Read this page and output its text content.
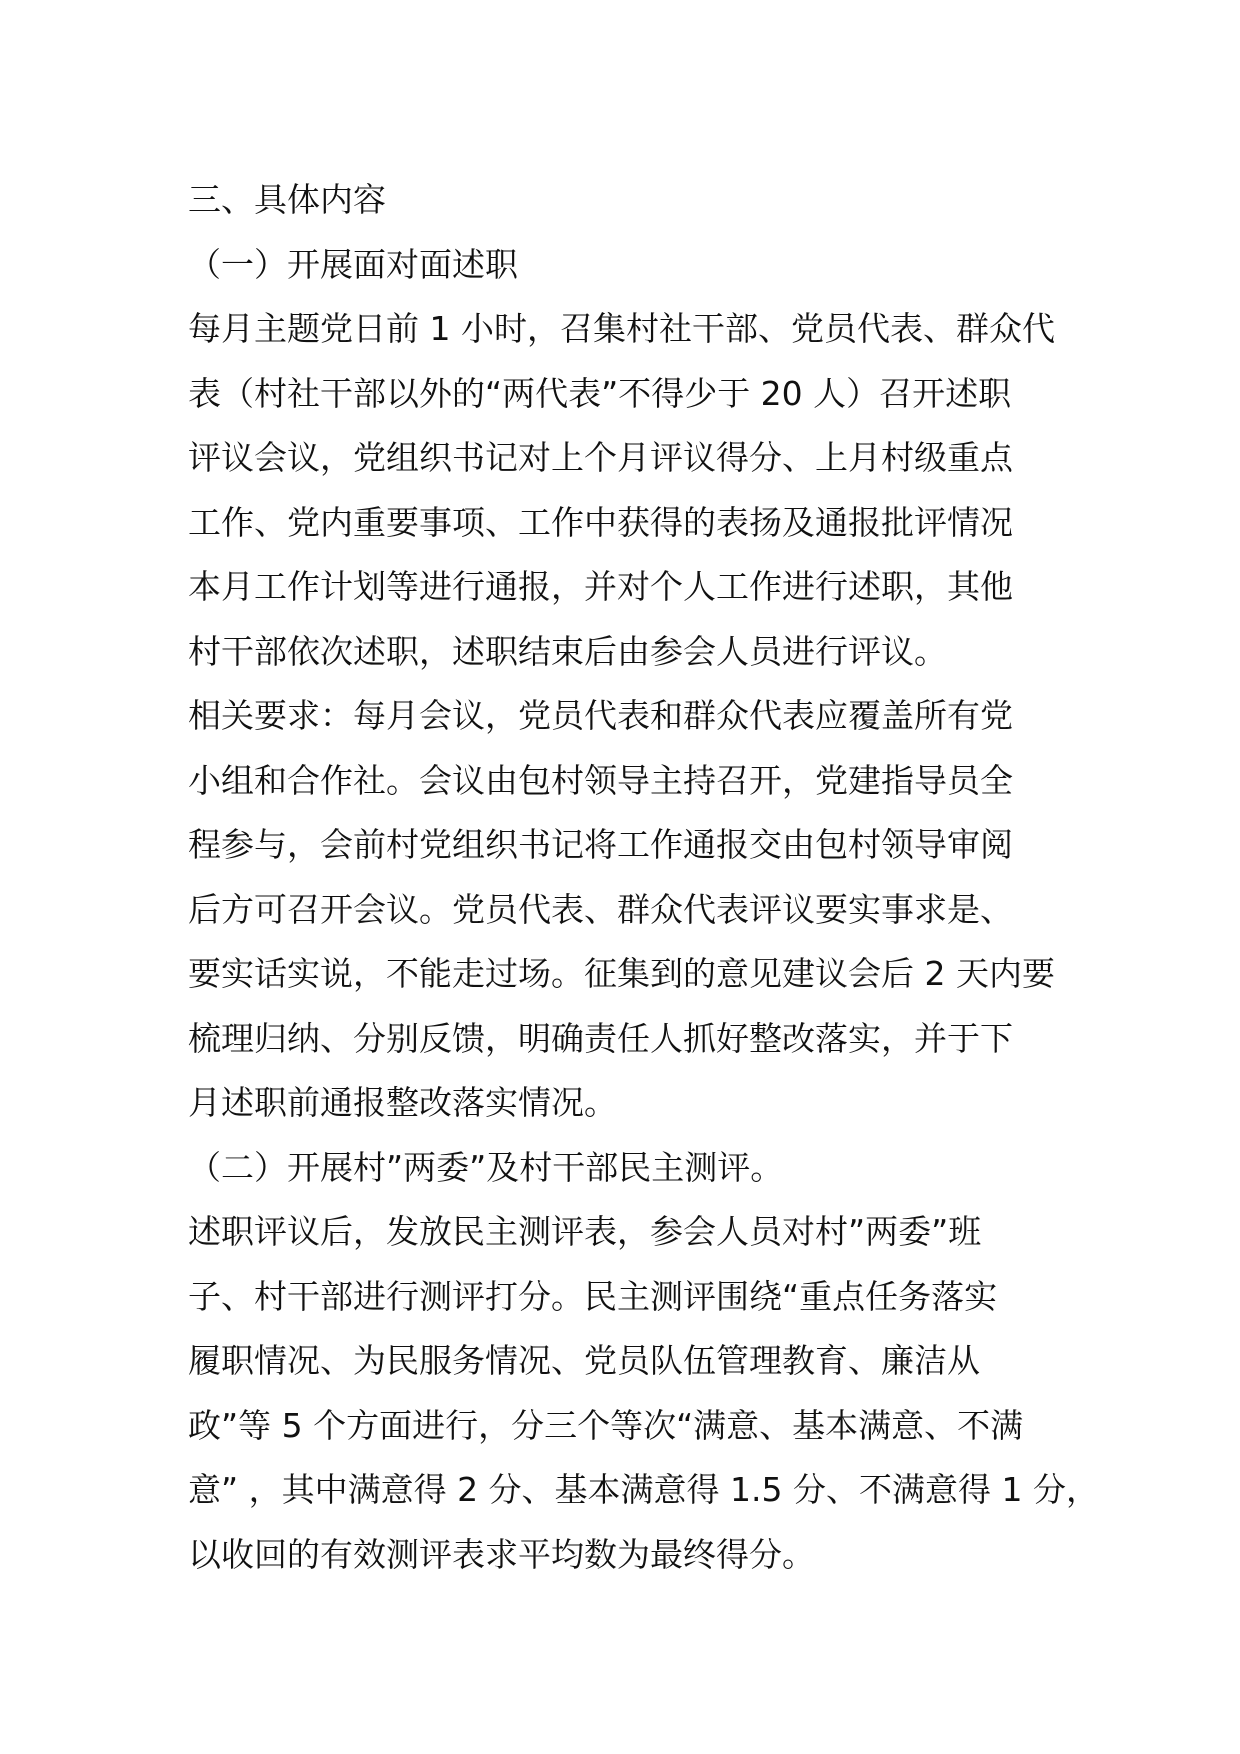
三、具体内容
（一）开展面对面述职
每月主题党日前 1 小时，召集村社干部、党员代表、群众代
表（村社干部以外的“两代表”不得少于 20 人）召开述职
评议会议，党组织书记对上个月评议得分、上月村级重点
工作、党内重要事项、工作中获得的表扬及通报批评情况
本月工作计划等进行通报，并对个人工作进行述职，其他
村干部依次述职，述职结束后由参会人员进行评议。
相关要求：每月会议，党员代表和群众代表应覆盖所有党
小组和合作社。会议由包村领导主持召开，党建指导员全
程参与，会前村党组织书记将工作通报交由包村领导审阅
后方可召开会议。党员代表、群众代表评议要实事求是、
要实话实说，不能走过场。征集到的意见建议会后 2 天内要
梳理归纳、分别反馈，明确责任人抓好整改落实，并于下
月述职前通报整改落实情况。
（二）开展村”两委”及村干部民主测评。
述职评议后，发放民主测评表，参会人员对村”两委”班
子、村干部进行测评打分。民主测评围绕“重点任务落实
履职情况、为民服务情况、党员队伍管理教育、廉洁从
政”等 5 个方面进行，分三个等次“满意、基本满意、不满
意” ，其中满意得 2 分、基本满意得 1.5 分、不满意得 1 分，
以收回的有效测评表求平均数为最终得分。
